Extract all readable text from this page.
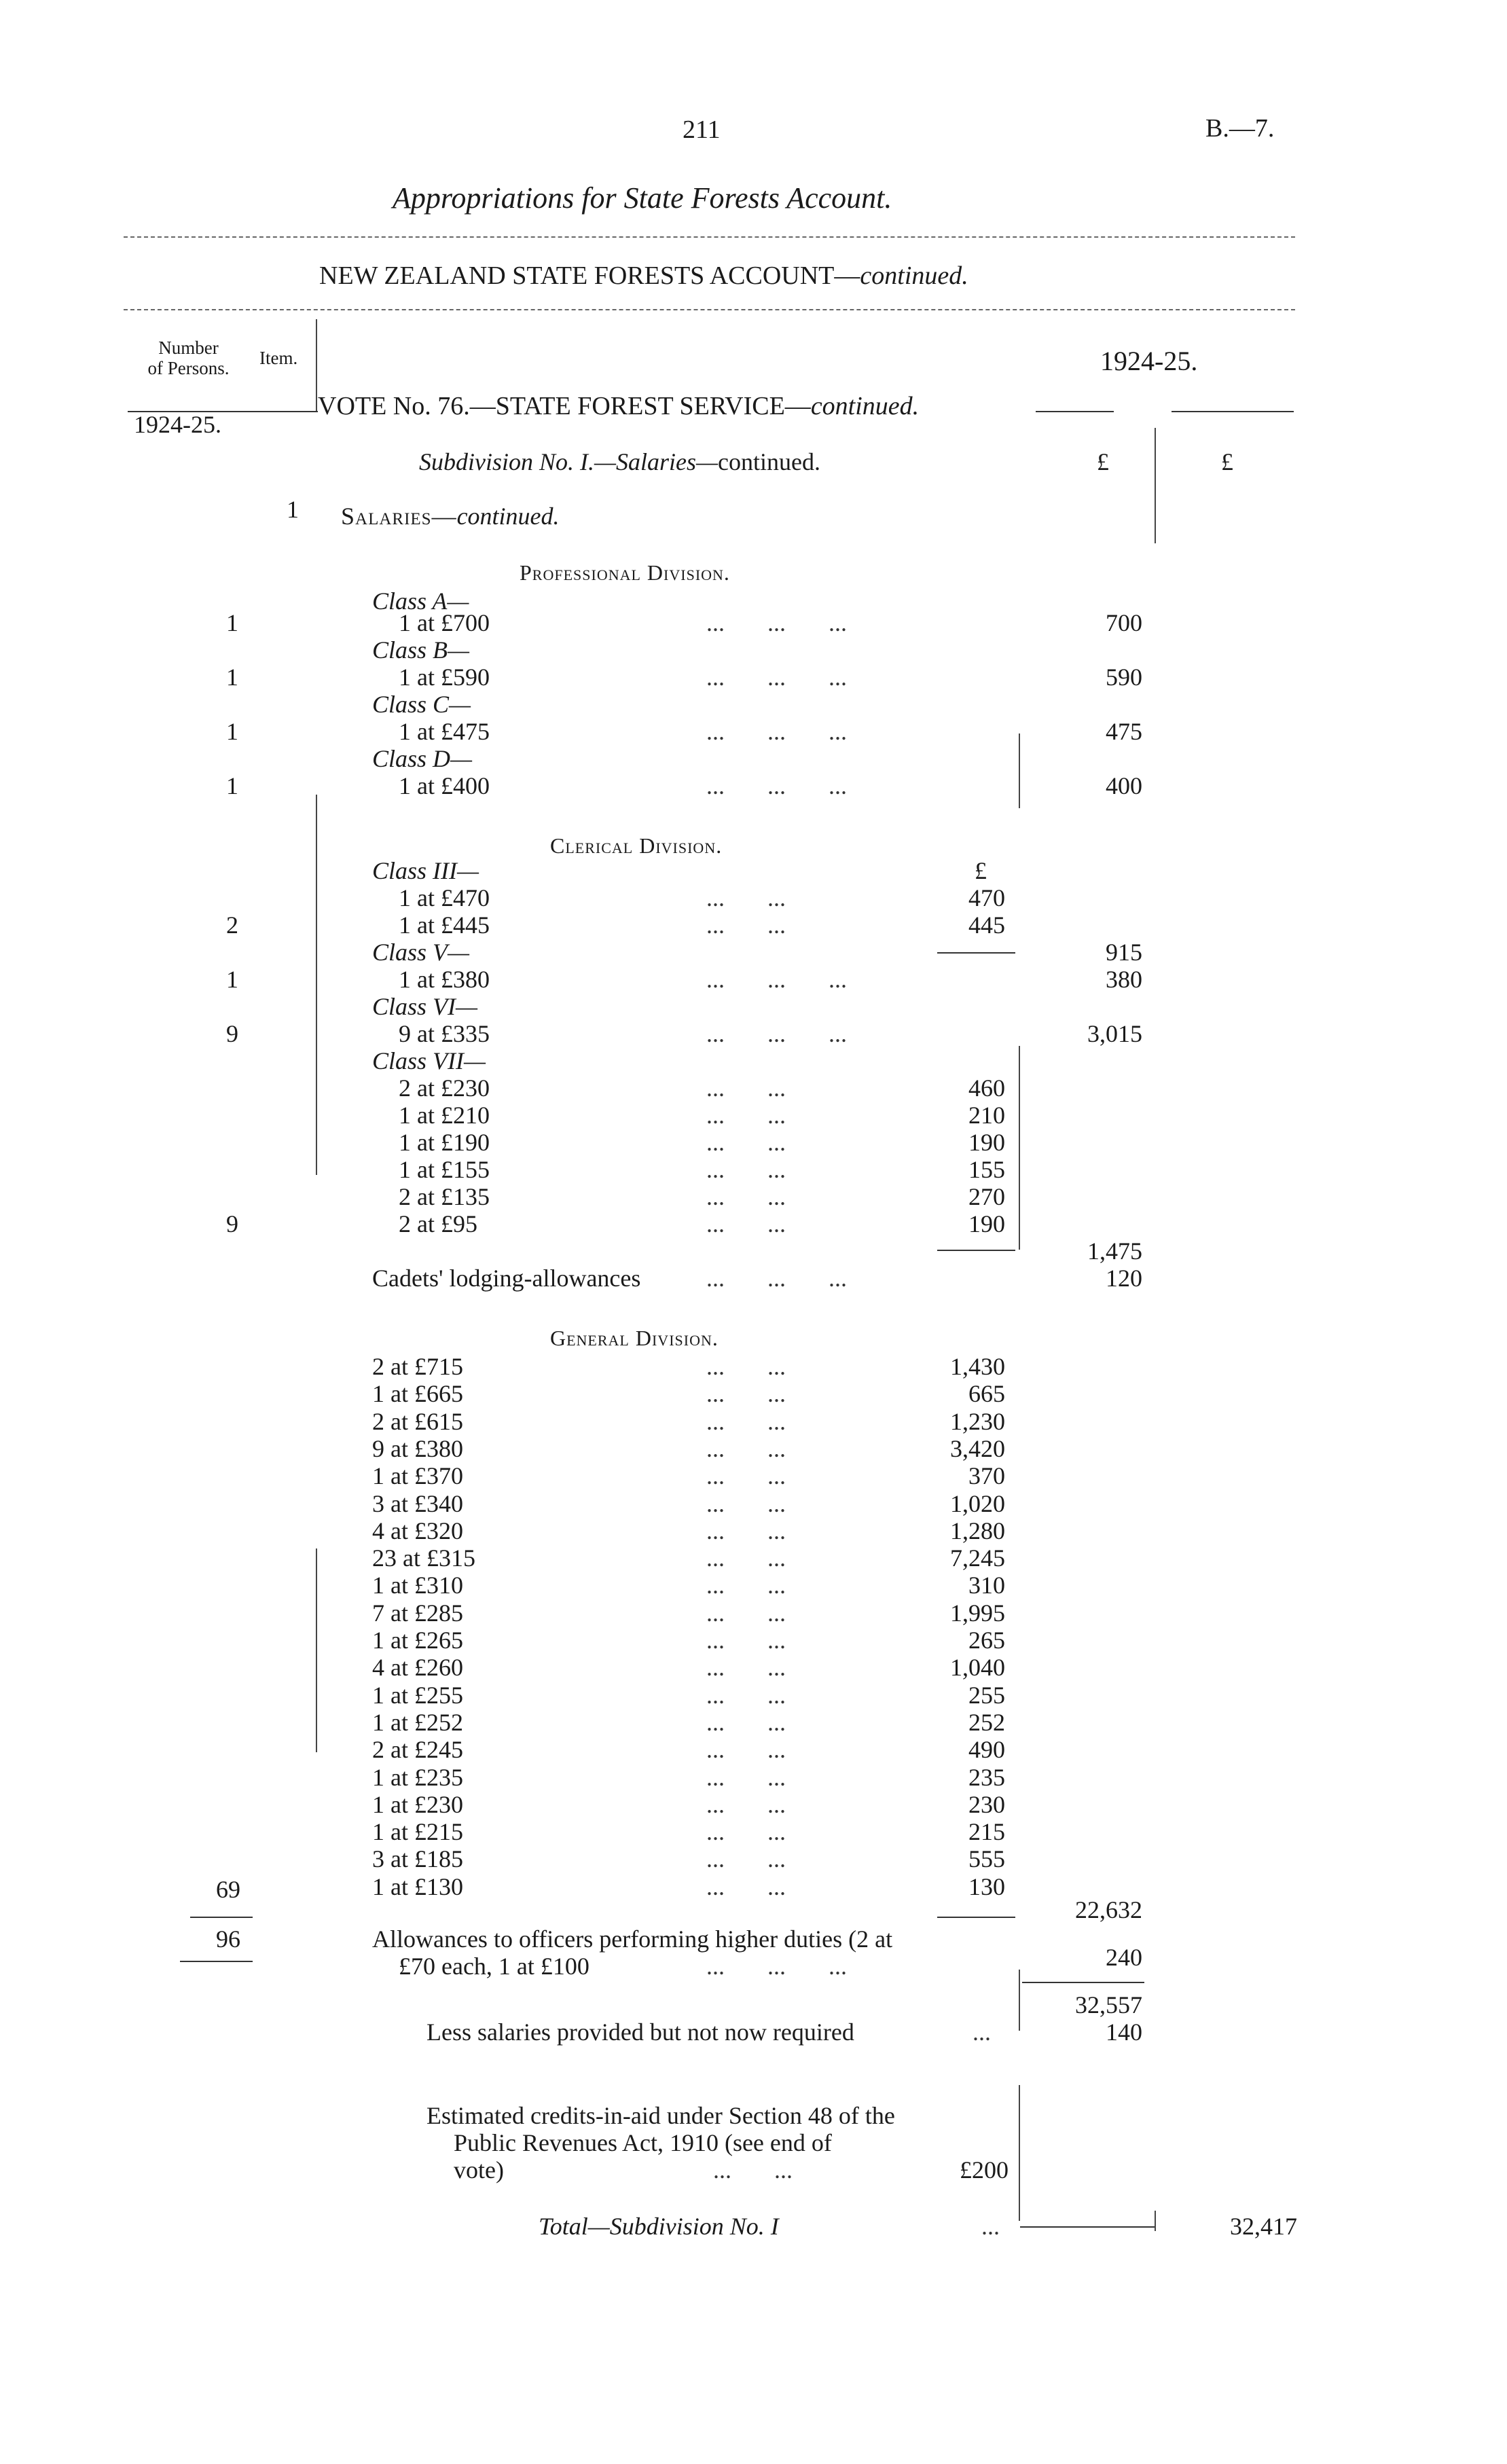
211	B.—7.
Appropriations for State Forests Account.
NEW ZEALAND STATE FORESTS ACCOUNT—continued.
Number
of Persons.	Item.	1924-25.
1924-25.
VOTE No. 76.—STATE FOREST SERVICE—continued.
Subdivision No. I.—Salaries—continued.	£	£
1 Salaries—continued.
Professional Division.
Class A—
1	1 at £700	...       ...       ...	700
Class B—
1	1 at £590	...       ...       ...	590
Class C—
1	1 at £475	...       ...       ...	475
Class D—
1	1 at £400	...       ...       ...	400
Clerical Division.
£
Class III—
1 at £470	...       ...	470
2	1 at £445	...       ...	445
915
Class V—
1	1 at £380	...       ...       ...	380
Class VI—
9	9 at £335	...       ...       ...	3,015
Class VII—
2 at £230	...       ...	460
1 at £210	...       ...	210
1 at £190	...       ...	190
1 at £155	...       ...	155
2 at £135	...       ...	270
9	2 at £95	...       ...	190
1,475
Cadets' lodging-allowances	...       ...       ...	120
General Division.
2 at £715	...       ...	1,430
1 at £665	...       ...	665
2 at £615	...       ...	1,230
9 at £380	...       ...	3,420
1 at £370	...       ...	370
3 at £340	...       ...	1,020
4 at £320	...       ...	1,280
23 at £315	...       ...	7,245
1 at £310	...       ...	310
7 at £285	...       ...	1,995
1 at £265	...       ...	265
4 at £260	...       ...	1,040
1 at £255	...       ...	255
1 at £252	...       ...	252
2 at £245	...       ...	490
1 at £235	...       ...	235
1 at £230	...       ...	230
1 at £215	...       ...	215
3 at £185	...       ...	555
1 at £130	...       ...	130
69
22,632
96	Allowances to officers performing higher duties (2 at
£70 each, 1 at £100	...       ...       ...	240
32,557
Less salaries provided but not now required	...	140
Estimated credits-in-aid under Section 48 of the
Public Revenues Act, 1910 (see end of
vote)	...       ...	£200
Total—Subdivision No. I	...	32,417
